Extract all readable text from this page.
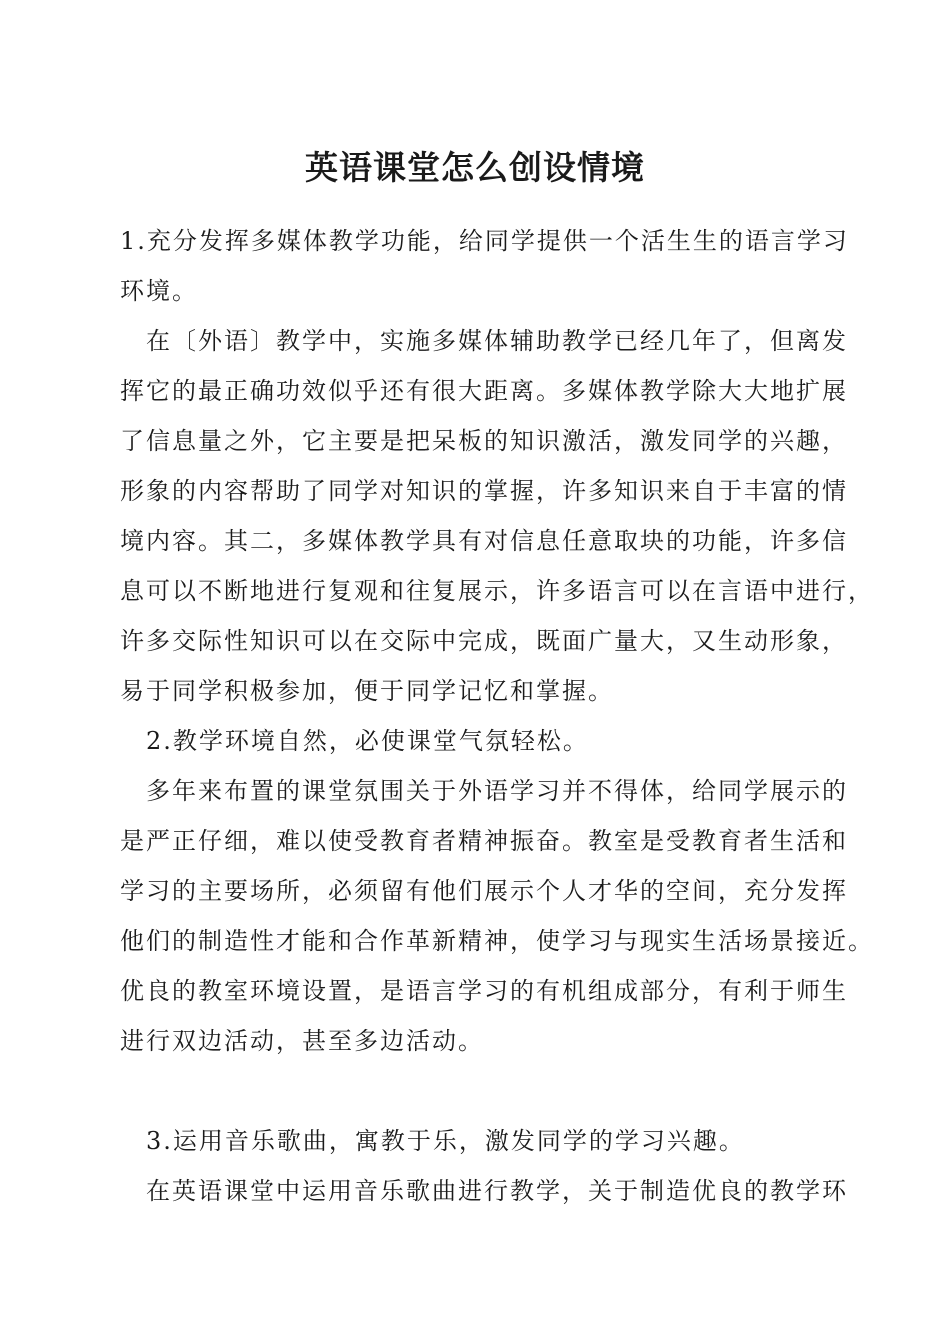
英语课堂怎么创设情境
1.充分发挥多媒体教学功能，给同学提供一个活生生的语言学习
环境。
在〔外语〕教学中，实施多媒体辅助教学已经几年了，但离发
挥它的最正确功效似乎还有很大距离。多媒体教学除大大地扩展
了信息量之外，它主要是把呆板的知识激活，激发同学的兴趣，
形象的内容帮助了同学对知识的掌握，许多知识来自于丰富的情
境内容。其二，多媒体教学具有对信息任意取块的功能，许多信
息可以不断地进行复观和往复展示，许多语言可以在言语中进行，
许多交际性知识可以在交际中完成，既面广量大，又生动形象，
易于同学积极参加，便于同学记忆和掌握。
2.教学环境自然，必使课堂气氛轻松。
多年来布置的课堂氛围关于外语学习并不得体，给同学展示的
是严正仔细，难以使受教育者精神振奋。教室是受教育者生活和
学习的主要场所，必须留有他们展示个人才华的空间，充分发挥
他们的制造性才能和合作革新精神，使学习与现实生活场景接近。
优良的教室环境设置，是语言学习的有机组成部分，有利于师生
进行双边活动，甚至多边活动。
3.运用音乐歌曲，寓教于乐，激发同学的学习兴趣。
在英语课堂中运用音乐歌曲进行教学，关于制造优良的教学环
